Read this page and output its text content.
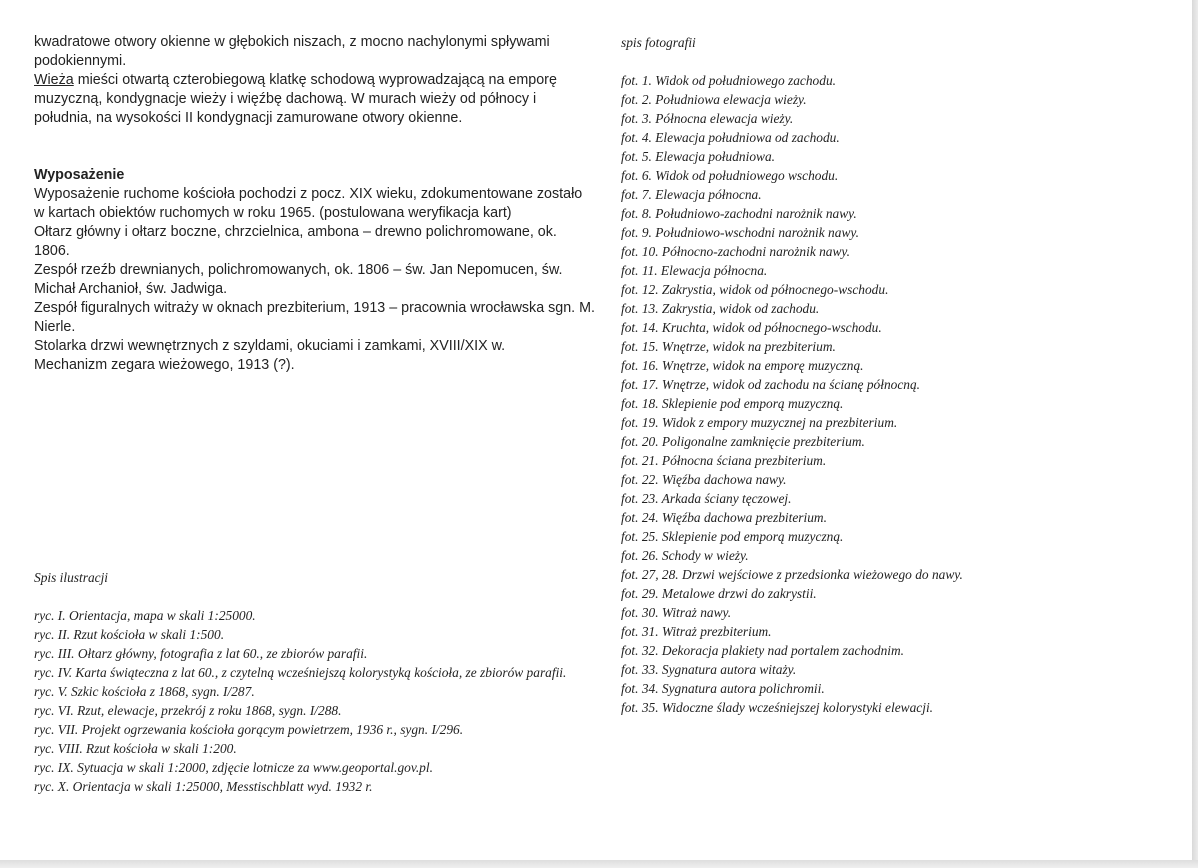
kwadratowe otwory okienne w głębokich niszach, z mocno nachylonymi spływami podokiennymi.

Wieża mieści otwartą czterobiegową klatkę schodową wyprowadzającą na emporę muzyczną, kondygnacje wieży i więźbę dachową. W murach wieży od północy i południa, na wysokości II kondygnacji zamurowane otwory okienne.

Wyposażenie

Wyposażenie ruchome kościoła pochodzi z pocz. XIX wieku, zdokumentowane zostało w kartach obiektów ruchomych w roku 1965. (postulowana weryfikacja kart)

Ołtarz główny i ołtarz boczne, chrzcielnica, ambona – drewno polichromowane, ok. 1806.

Zespół rzeźb drewnianych, polichromowanych, ok. 1806 – św. Jan Nepomucen, św. Michał Archanioł, św. Jadwiga.

Zespół figuralnych witraży w oknach prezbiterium, 1913 – pracownia wrocławska sgn. M. Nierle.

Stolarka drzwi wewnętrznych z szyldami, okuciami i zamkami, XVIII/XIX w.

Mechanizm zegara wieżowego, 1913 (?).

Spis ilustracji
ryc. I. Orientacja, mapa w skali 1:25000.
ryc. II. Rzut kościoła w skali 1:500.
ryc. III. Ołtarz główny, fotografia z lat 60., ze zbiorów parafii.
ryc. IV. Karta świąteczna z lat 60., z czytelną wcześniejszą kolorystyką kościoła, ze zbiorów parafii.
ryc. V. Szkic kościoła z 1868, sygn. I/287.
ryc. VI. Rzut, elewacje, przekrój z roku 1868, sygn. I/288.
ryc. VII. Projekt ogrzewania kościoła gorącym powietrzem, 1936 r., sygn. I/296.
ryc. VIII. Rzut kościoła w skali 1:200.
ryc. IX. Sytuacja w skali 1:2000, zdjęcie lotnicze za www.geoportal.gov.pl.
ryc. X. Orientacja w skali 1:25000, Messtischblatt wyd. 1932 r.
spis fotografii
fot. 1. Widok od południowego zachodu.
fot. 2. Południowa elewacja wieży.
fot. 3. Północna elewacja wieży.
fot. 4. Elewacja południowa od zachodu.
fot. 5. Elewacja południowa.
fot. 6. Widok od południowego wschodu.
fot. 7. Elewacja północna.
fot. 8. Południowo-zachodni narożnik nawy.
fot. 9. Południowo-wschodni narożnik nawy.
fot. 10. Północno-zachodni narożnik nawy.
fot. 11. Elewacja północna.
fot. 12. Zakrystia, widok od północnego-wschodu.
fot. 13. Zakrystia, widok od zachodu.
fot. 14. Kruchta, widok od północnego-wschodu.
fot. 15. Wnętrze, widok na prezbiterium.
fot. 16. Wnętrze, widok na emporę muzyczną.
fot. 17. Wnętrze, widok od zachodu na ścianę północną.
fot. 18. Sklepienie pod emporą muzyczną.
fot. 19. Widok z empory muzycznej na prezbiterium.
fot. 20. Poligonalne zamknięcie prezbiterium.
fot. 21. Północna ściana prezbiterium.
fot. 22. Więźba dachowa nawy.
fot. 23. Arkada ściany tęczowej.
fot. 24. Więźba dachowa prezbiterium.
fot. 25. Sklepienie pod emporą muzyczną.
fot. 26. Schody w wieży.
fot. 27, 28. Drzwi wejściowe z przedsionka wieżowego do nawy.
fot. 29. Metalowe drzwi do zakrystii.
fot. 30. Witraż nawy.
fot. 31. Witraż prezbiterium.
fot. 32. Dekoracja plakiety nad portalem zachodnim.
fot. 33. Sygnatura autora witaży.
fot. 34. Sygnatura autora polichromii.
fot. 35. Widoczne ślady wcześniejszej kolorystyki elewacji.
